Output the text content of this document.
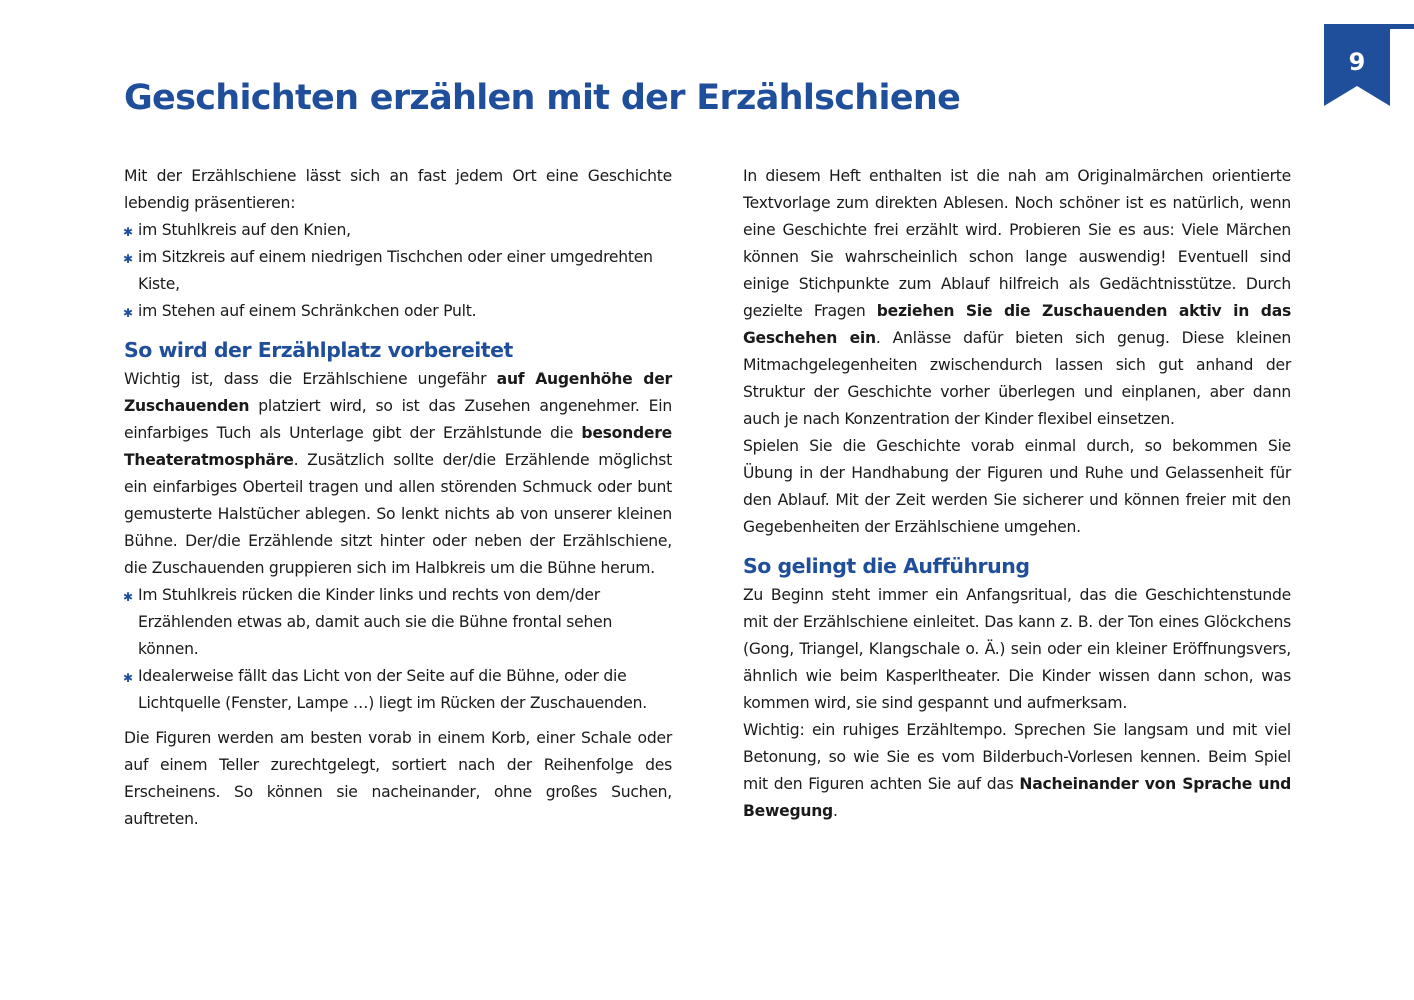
Geschichten erzählen mit der Erzählschiene
9

Mit der Erzählschiene lässt sich an fast jedem Ort eine Geschichte lebendig präsentieren:

✱ im Stuhlkreis auf den Knien,
✱ im Sitzkreis auf einem niedrigen Tischchen oder einer umgedrehten Kiste,
✱ im Stehen auf einem Schränkchen oder Pult.
So wird der Erzählplatz vorbereitet

Wichtig ist, dass die Erzählschiene ungefähr auf Augenhöhe der Zuschauenden platziert wird, so ist das Zusehen angenehmer. Ein einfarbiges Tuch als Unterlage gibt der Erzählstunde die besondere Theateratmosphäre. Zusätzlich sollte der/die Erzählende möglichst ein einfarbiges Oberteil tragen und allen störenden Schmuck oder bunt gemusterte Halstücher ablegen. So lenkt nichts ab von unserer kleinen Bühne. Der/die Erzählende sitzt hinter oder neben der Erzählschiene, die Zuschauenden gruppieren sich im Halbkreis um die Bühne herum.

✱ Im Stuhlkreis rücken die Kinder links und rechts von dem/der Erzählenden etwas ab, damit auch sie die Bühne frontal sehen können.
✱ Idealerweise fällt das Licht von der Seite auf die Bühne, oder die Lichtquelle (Fenster, Lampe …) liegt im Rücken der Zuschauenden.

Die Figuren werden am besten vorab in einem Korb, einer Schale oder auf einem Teller zurechtgelegt, sortiert nach der Reihenfolge des Erscheinens. So können sie nacheinander, ohne großes Suchen, auftreten.

In diesem Heft enthalten ist die nah am Originalmärchen orientierte Textvorlage zum direkten Ablesen. Noch schöner ist es natürlich, wenn eine Geschichte frei erzählt wird. Probieren Sie es aus: Viele Märchen können Sie wahrscheinlich schon lange auswendig! Eventuell sind einige Stichpunkte zum Ablauf hilfreich als Gedächtnisstütze. Durch gezielte Fragen beziehen Sie die Zuschauenden aktiv in das Geschehen ein. Anlässe dafür bieten sich genug. Diese kleinen Mitmachgelegenheiten zwischendurch lassen sich gut anhand der Struktur der Geschichte vorher überlegen und einplanen, aber dann auch je nach Konzentration der Kinder flexibel einsetzen.

Spielen Sie die Geschichte vorab einmal durch, so bekommen Sie Übung in der Handhabung der Figuren und Ruhe und Gelassenheit für den Ablauf. Mit der Zeit werden Sie sicherer und können freier mit den Gegebenheiten der Erzählschiene umgehen.

So gelingt die Aufführung

Zu Beginn steht immer ein Anfangsritual, das die Geschichtenstunde mit der Erzählschiene einleitet. Das kann z. B. der Ton eines Glöckchens (Gong, Triangel, Klangschale o. Ä.) sein oder ein kleiner Eröffnungsvers, ähnlich wie beim Kasperltheater. Die Kinder wissen dann schon, was kommen wird, sie sind gespannt und aufmerksam.

Wichtig: ein ruhiges Erzähltempo. Sprechen Sie langsam und mit viel Betonung, so wie Sie es vom Bilderbuch-Vorlesen kennen. Beim Spiel mit den Figuren achten Sie auf das Nacheinander von Sprache und Bewegung.
